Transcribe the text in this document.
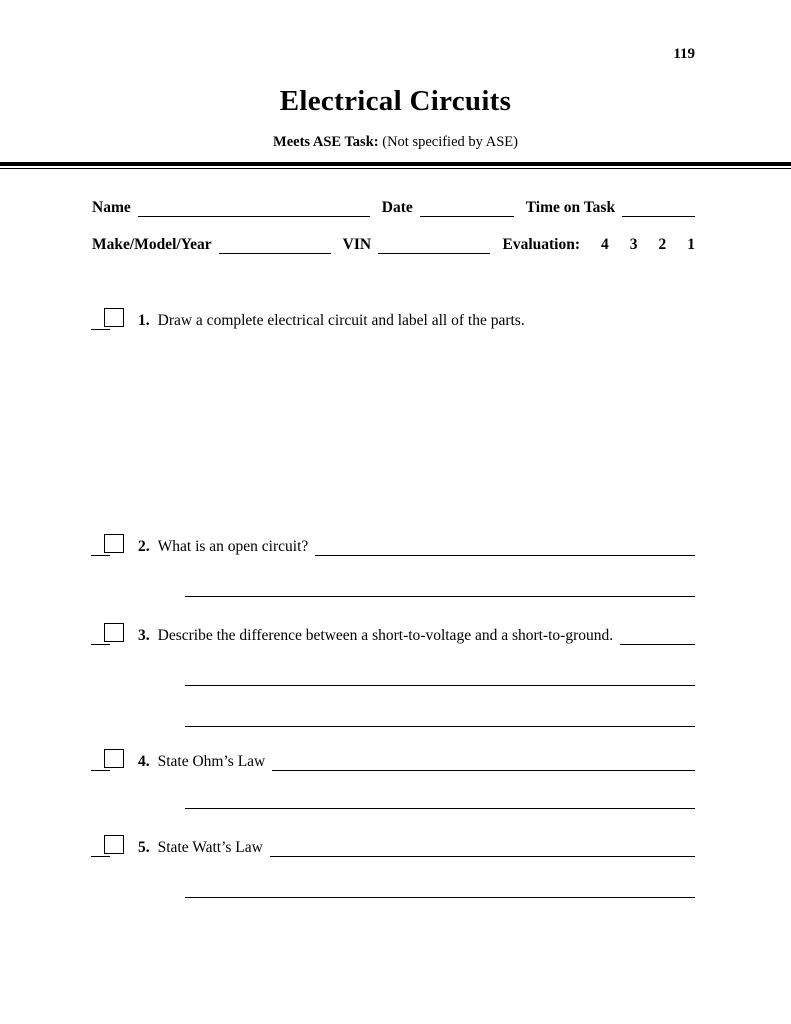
119
Electrical Circuits
Meets ASE Task: (Not specified by ASE)
Name	Date	Time on Task
Make/Model/Year	VIN	Evaluation: 4 3 2 1
1. Draw a complete electrical circuit and label all of the parts.
2. What is an open circuit?
3. Describe the difference between a short-to-voltage and a short-to-ground.
4. State Ohm’s Law
5. State Watt’s Law
